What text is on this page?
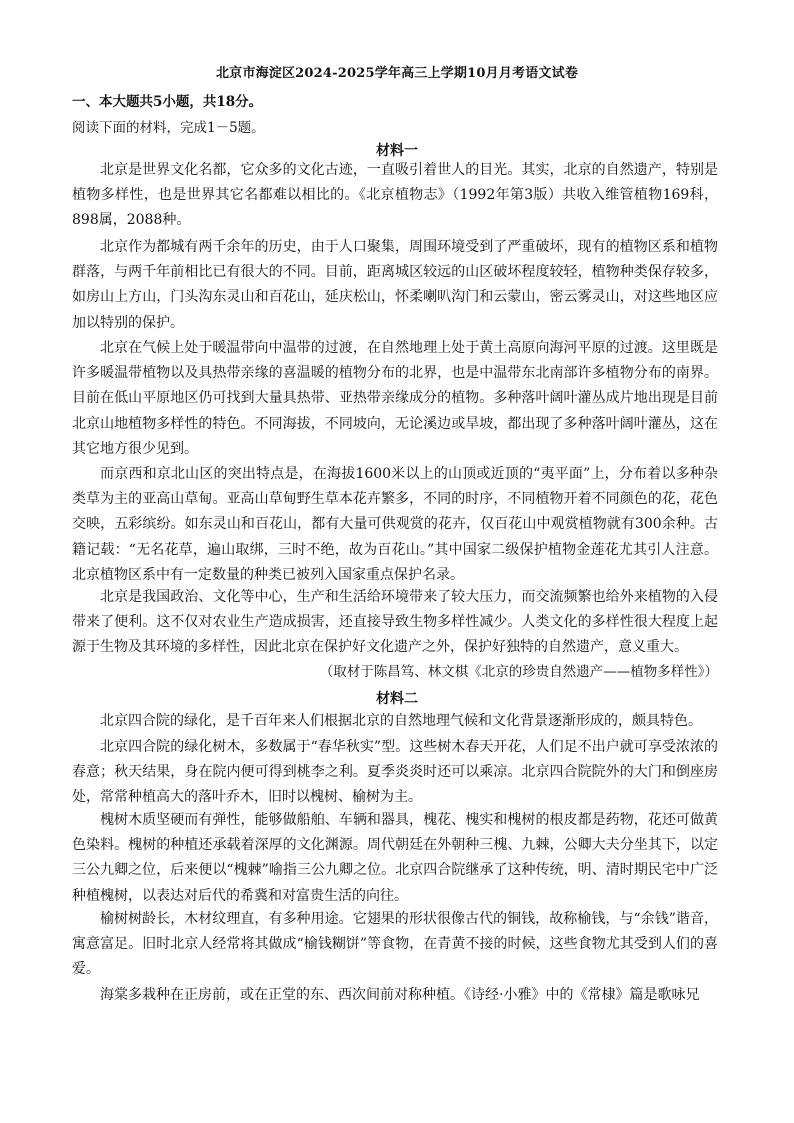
北京市海淀区2024-2025学年高三上学期10月月考语文试卷
一、本大题共5小题，共18分。
阅读下面的材料，完成1－5题。
材料一

北京是世界文化名都，它众多的文化古迹，一直吸引着世人的目光。其实，北京的自然遗产，特别是植物多样性，也是世界其它名都难以相比的。《北京植物志》（1992年第3版）共收入维管植物169科，898属，2088种。

北京作为都城有两千余年的历史，由于人口聚集，周围环境受到了严重破坏，现有的植物区系和植物群落，与两千年前相比已有很大的不同。目前，距离城区较远的山区破坏程度较轻，植物种类保存较多，如房山上方山，门头沟东灵山和百花山，延庆松山，怀柔喇叭沟门和云蒙山，密云雾灵山，对这些地区应加以特别的保护。

北京在气候上处于暖温带向中温带的过渡，在自然地理上处于黄土高原向海河平原的过渡。这里既是许多暖温带植物以及具热带亲缘的喜温暖的植物分布的北界，也是中温带东北南部许多植物分布的南界。目前在低山平原地区仍可找到大量具热带、亚热带亲缘成分的植物。多种落叶阔叶灌丛成片地出现是目前北京山地植物多样性的特色。不同海拔，不同坡向，无论溪边或旱坡，都出现了多种落叶阔叶灌丛，这在其它地方很少见到。

而京西和京北山区的突出特点是，在海拔1600米以上的山顶或近顶的“夷平面”上，分布着以多种杂类草为主的亚高山草甸。亚高山草甸野生草本花卉繁多，不同的时序，不同植物开着不同颜色的花，花色交映，五彩缤纷。如东灵山和百花山，都有大量可供观赏的花卉，仅百花山中观赏植物就有300余种。古籍记载：“无名花草，遍山取绑，三时不绝，故为百花山。”其中国家二级保护植物金莲花尤其引人注意。北京植物区系中有一定数量的种类已被列入国家重点保护名录。

北京是我国政治、文化等中心，生产和生活给环境带来了较大压力，而交流频繁也给外来植物的入侵带来了便利。这不仅对农业生产造成损害，还直接导致生物多样性减少。人类文化的多样性很大程度上起源于生物及其环境的多样性，因此北京在保护好文化遗产之外，保护好独特的自然遗产，意义重大。

（取材于陈昌笃、林文棋《北京的珍贵自然遗产——植物多样性》）
材料二

北京四合院的绿化，是千百年来人们根据北京的自然地理气候和文化背景逐渐形成的，颇具特色。

北京四合院的绿化树木，多数属于“春华秋实”型。这些树木春天开花，人们足不出户就可享受浓浓的春意；秋天结果，身在院内便可得到桃李之利。夏季炎炎时还可以乘凉。北京四合院院外的大门和倒座房处，常常种植高大的落叶乔木，旧时以槐树、榆树为主。

槐树木质坚硬而有弹性，能够做船舶、车辆和器具，槐花、槐实和槐树的根皮都是药物，花还可做黄色染料。槐树的种植还承载着深厚的文化渊源。周代朝廷在外朝种三槐、九棘，公卿大夫分坐其下，以定三公九卿之位，后来便以“槐棘”喻指三公九卿之位。北京四合院继承了这种传统，明、清时期民宅中广泛种植槐树，以表达对后代的希冀和对富贵生活的向往。

榆树树龄长，木材纹理直，有多种用途。它翅果的形状很像古代的铜钱，故称榆钱，与“余钱”谐音，寓意富足。旧时北京人经常将其做成“榆钱糊饼”等食物，在青黄不接的时候，这些食物尤其受到人们的喜爱。

海棠多栽种在正房前，或在正堂的东、西次间前对称种植。《诗经·小雅》中的《常棣》篇是歌咏兄
